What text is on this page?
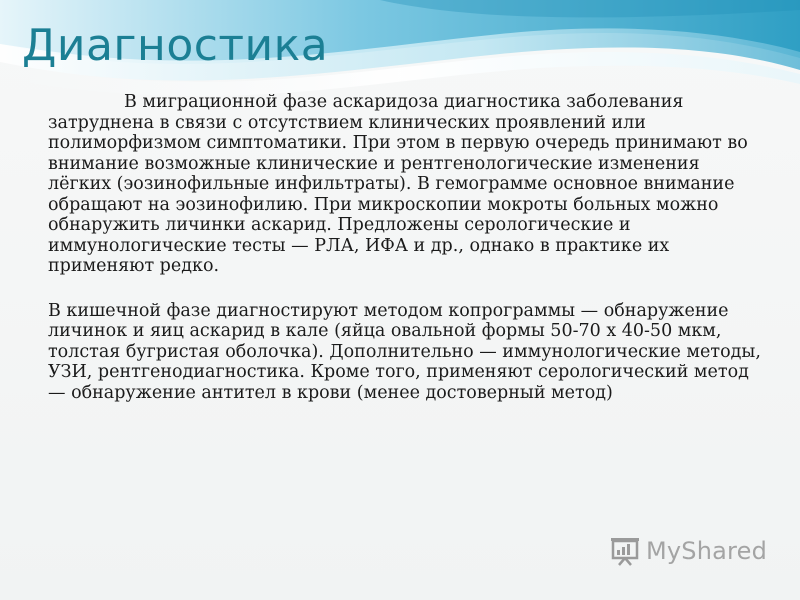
Диагностика

В миграционной фазе аскаридоза диагностика заболевания затруднена в связи с отсутствием клинических проявлений или полиморфизмом симптоматики. При этом в первую очередь принимают во внимание возможные клинические и рентгенологические изменения лёгких (эозинофильные инфильтраты). В гемограмме основное внимание обращают на эозинофилию. При микроскопии мокроты больных можно обнаружить личинки аскарид. Предложены серологические и иммунологические тесты — РЛА, ИФА и др., однако в практике их применяют редко.

В кишечной фазе диагностируют методом копрограммы — обнаружение личинок и яиц аскарид в кале (яйца овальной формы 50-70 х 40-50 мкм, толстая бугристая оболочка). Дополнительно — иммунологические методы, УЗИ, рентгенодиагностика. Кроме того, применяют серологический метод — обнаружение антител в крови (менее достоверный метод)

MyShared
